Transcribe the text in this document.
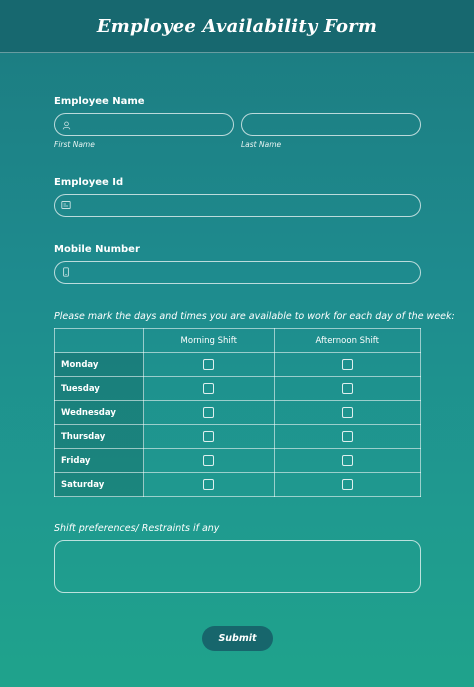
Employee Availability Form
Employee Name
First Name	Last Name
Employee Id
Mobile Number
Please mark the days and times you are available to work for each day of the week:
	Morning Shift	Afternoon Shift
Monday		
Tuesday		
Wednesday		
Thursday		
Friday		
Saturday		
Shift preferences/ Restraints if any
Submit
